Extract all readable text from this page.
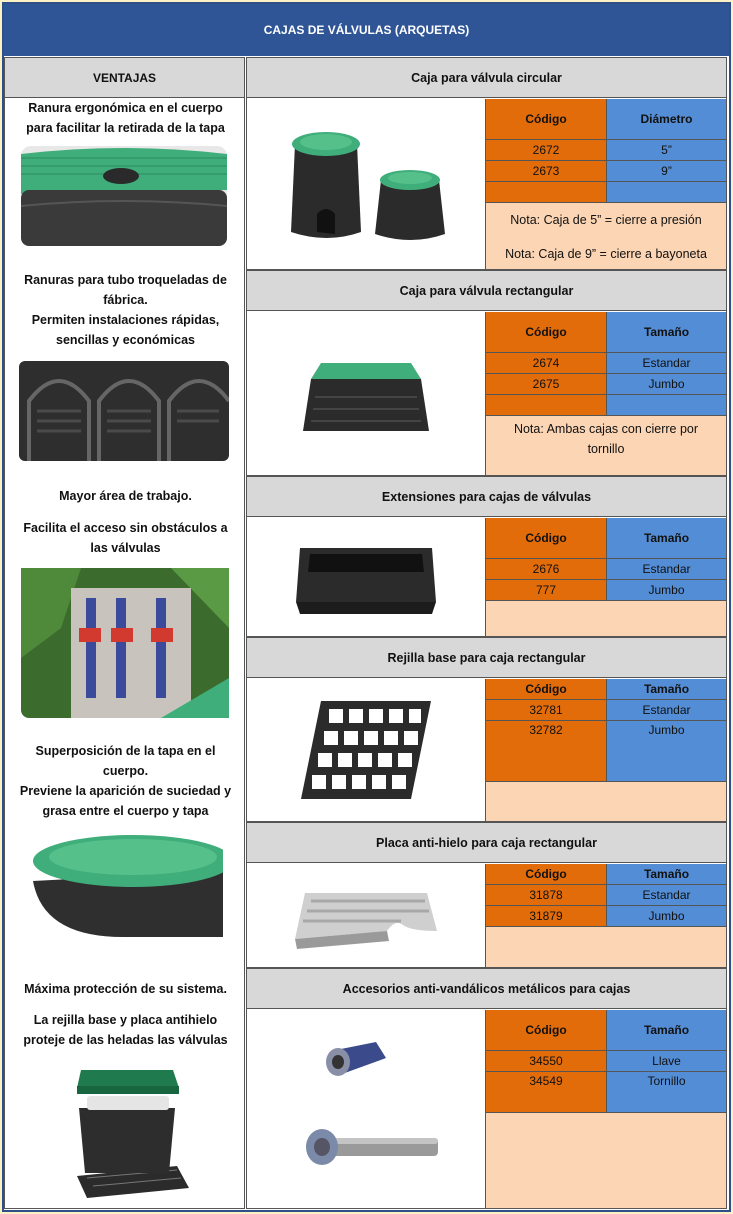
CAJAS DE VÁLVULAS (ARQUETAS)
VENTAJAS
Ranura ergonómica en el cuerpo
para facilitar la retirada de la tapa
Ranuras para tubo troqueladas de
fábrica.
Permiten instalaciones rápidas,
sencillas y económicas
Mayor área de trabajo.
Facilita el acceso sin obstáculos a
las válvulas
Superposición de la tapa en el
cuerpo.
Previene la aparición de suciedad y
grasa entre el cuerpo y tapa
Máxima protección de su sistema.
La rejilla base y placa antihielo
proteje de las heladas las válvulas
Caja para válvula circular
Código	Diámetro
2672	5”
2673	9”
Nota: Caja de 5” = cierre a presión
Nota: Caja de 9” = cierre a bayoneta
Caja para válvula rectangular
Código	Tamaño
2674	Estandar
2675	Jumbo
Nota: Ambas cajas con cierre por tornillo
Extensiones para cajas de válvulas
Código	Tamaño
2676	Estandar
777	Jumbo
Rejilla base para caja rectangular
Código	Tamaño
32781	Estandar
32782	Jumbo
Placa anti-hielo para caja rectangular
Código	Tamaño
31878	Estandar
31879	Jumbo
Accesorios anti-vandálicos metálicos para cajas
Código	Tamaño
34550	Llave
34549	Tornillo
